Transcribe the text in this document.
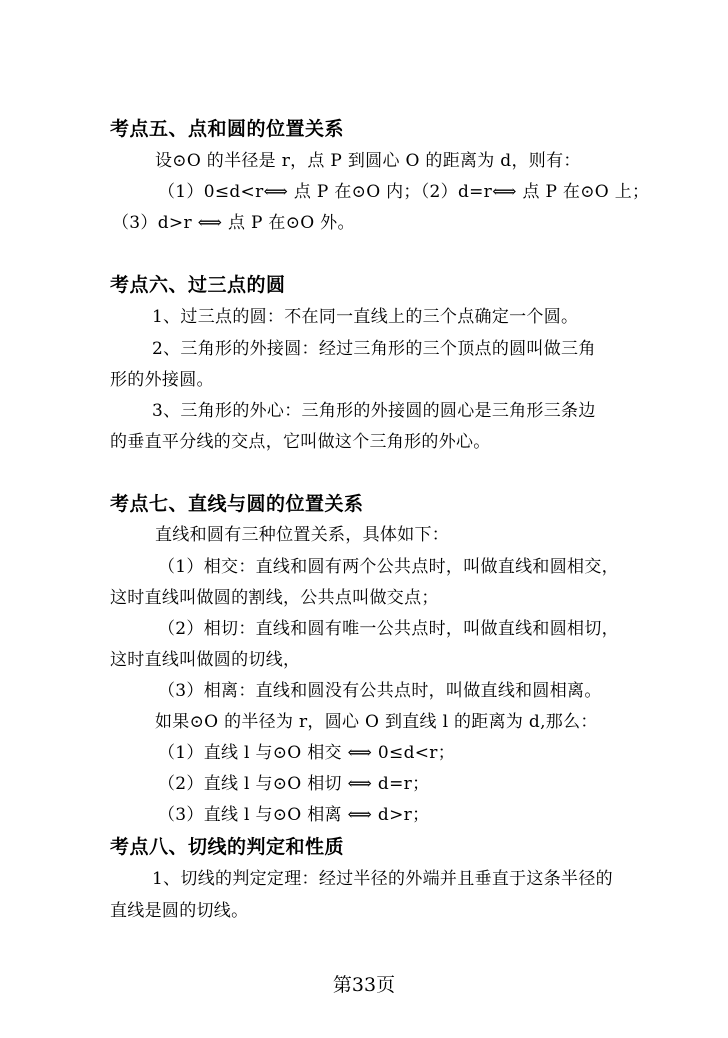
考点五、点和圆的位置关系
设⊙O 的半径是 r，点 P 到圆心 O 的距离为 d，则有：
（1）0≤d<r⟺ 点 P 在⊙O 内；（2）d=r⟺ 点 P 在⊙O 上；
（3）d>r ⟺ 点 P 在⊙O 外。
考点六、过三点的圆
1、过三点的圆：不在同一直线上的三个点确定一个圆。
2、三角形的外接圆：经过三角形的三个顶点的圆叫做三角
形的外接圆。
3、三角形的外心：三角形的外接圆的圆心是三角形三条边
的垂直平分线的交点，它叫做这个三角形的外心。
考点七、直线与圆的位置关系
直线和圆有三种位置关系，具体如下：
（1）相交：直线和圆有两个公共点时，叫做直线和圆相交，
这时直线叫做圆的割线，公共点叫做交点；
（2）相切：直线和圆有唯一公共点时，叫做直线和圆相切，
这时直线叫做圆的切线，
（3）相离：直线和圆没有公共点时，叫做直线和圆相离。
如果⊙O 的半径为 r，圆心 O 到直线 l 的距离为 d,那么：
（1）直线 l 与⊙O 相交 ⟺ 0≤d<r；
（2）直线 l 与⊙O 相切 ⟺ d=r；
（3）直线 l 与⊙O 相离 ⟺ d>r；
考点八、切线的判定和性质
1、切线的判定定理：经过半径的外端并且垂直于这条半径的
直线是圆的切线。
第33页
